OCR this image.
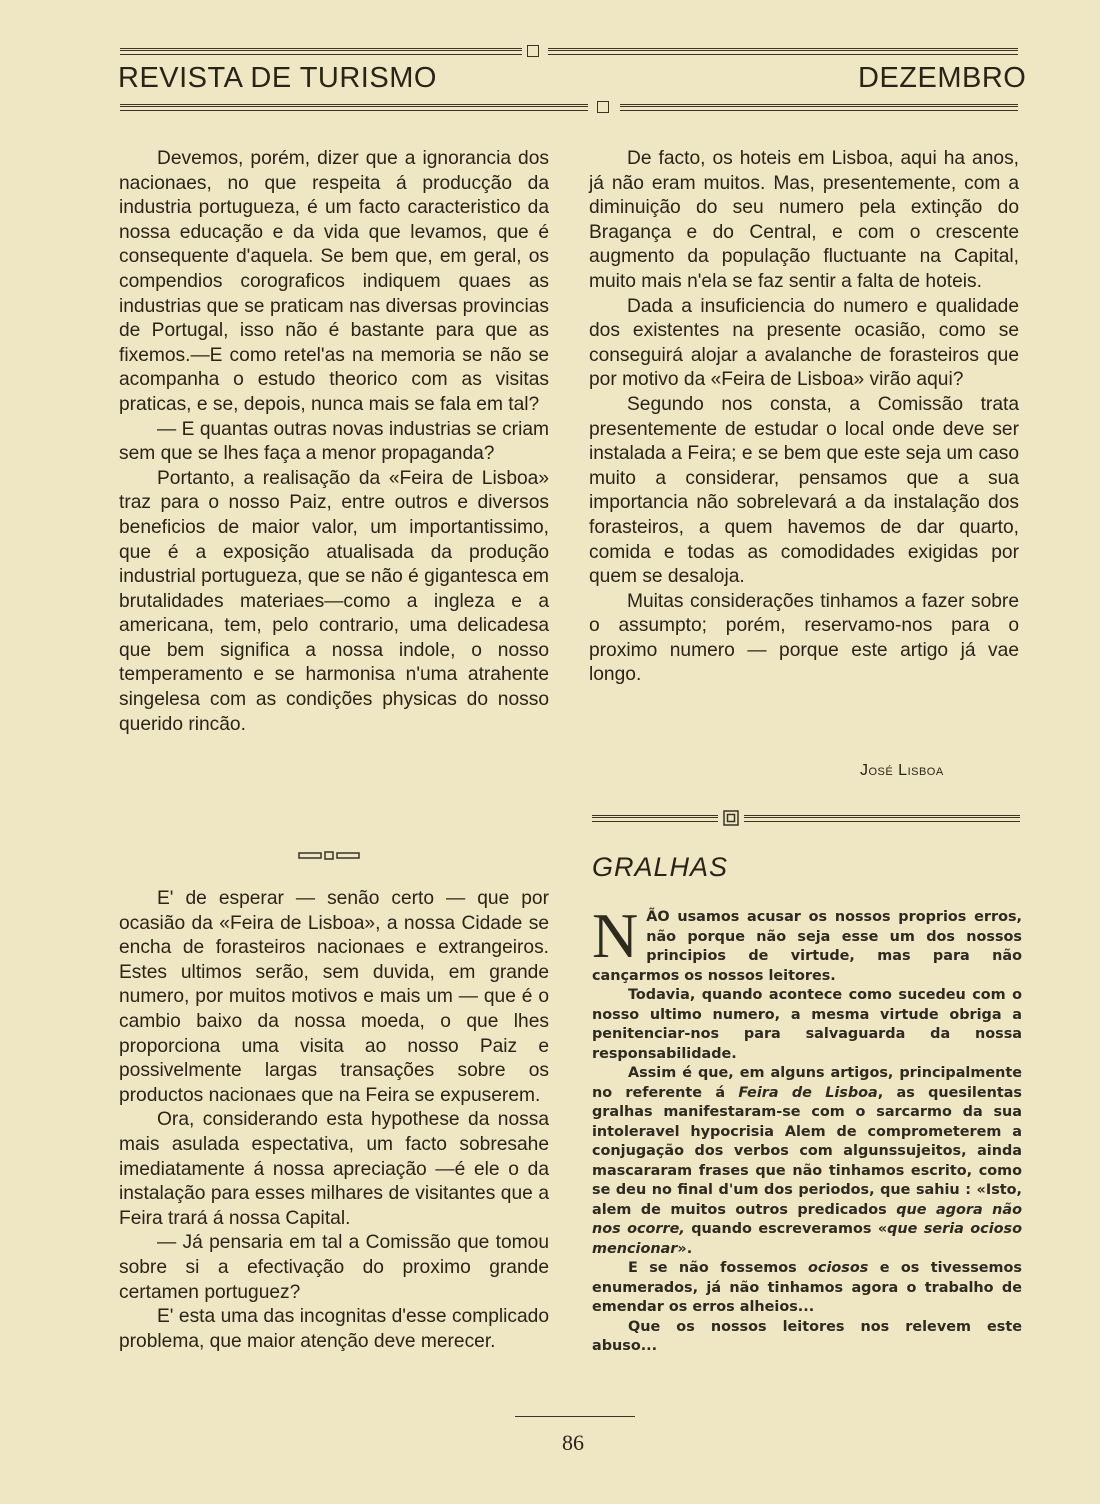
REVISTA DE TURISMO	DEZEMBRO

Devemos, porém, dizer que a ignorancia dos nacionaes, no que respeita á producção da industria portugueza, é um facto caracteristico da nossa educação e da vida que levamos, que é consequente d'aquela. Se bem que, em geral, os compendios corograficos indiquem quaes as industrias que se praticam nas diversas provincias de Portugal, isso não é bastante para que as fixemos.—E como retel'as na memoria se não se acompanha o estudo theorico com as visitas praticas, e se, depois, nunca mais se fala em tal?

— E quantas outras novas industrias se criam sem que se lhes faça a menor propaganda?

Portanto, a realisação da «Feira de Lisboa» traz para o nosso Paiz, entre outros e diversos beneficios de maior valor, um importantissimo, que é a exposição atualisada da produção industrial portugueza, que se não é gigantesca em brutalidades materiaes—como a ingleza e a americana, tem, pelo contrario, uma delicadesa que bem significa a nossa indole, o nosso temperamento e se harmonisa n'uma atrahente singelesa com as condições physicas do nosso querido rincão.

E' de esperar — senão certo — que por ocasião da «Feira de Lisboa», a nossa Cidade se encha de forasteiros nacionaes e extrangeiros. Estes ultimos serão, sem duvida, em grande numero, por muitos motivos e mais um — que é o cambio baixo da nossa moeda, o que lhes proporciona uma visita ao nosso Paiz e possivelmente largas transações sobre os productos nacionaes que na Feira se expuserem.

Ora, considerando esta hypothese da nossa mais asulada espectativa, um facto sobresahe imediatamente á nossa apreciação —é ele o da instalação para esses milhares de visitantes que a Feira trará á nossa Capital.

— Já pensaria em tal a Comissão que tomou sobre si a efectivação do proximo grande certamen portuguez?

E' esta uma das incognitas d'esse complicado problema, que maior atenção deve merecer.

De facto, os hoteis em Lisboa, aqui ha anos, já não eram muitos. Mas, presentemente, com a diminuição do seu numero pela extinção do Bragança e do Central, e com o crescente augmento da população fluctuante na Capital, muito mais n'ela se faz sentir a falta de hoteis.

Dada a insuficiencia do numero e qualidade dos existentes na presente ocasião, como se conseguirá alojar a avalanche de forasteiros que por motivo da «Feira de Lisboa» virão aqui?

Segundo nos consta, a Comissão trata presentemente de estudar o local onde deve ser instalada a Feira; e se bem que este seja um caso muito a considerar, pensamos que a sua importancia não sobrelevará a da instalação dos forasteiros, a quem havemos de dar quarto, comida e todas as comodidades exigidas por quem se desaloja.

Muitas considerações tinhamos a fazer sobre o assumpto; porém, reservamo-nos para o proximo numero — porque este artigo já vae longo.

José Lisboa
GRALHAS

NÃO usamos acusar os nossos proprios erros, não porque não seja esse um dos nossos principios de virtude, mas para não cançarmos os nossos leitores.

Todavia, quando acontece como sucedeu com o nosso ultimo numero, a mesma virtude obriga a penitenciar-nos para salvaguarda da nossa responsabilidade.

Assim é que, em alguns artigos, principalmente no referente á Feira de Lisboa, as quesilentas gralhas manifestaram-se com o sarcarmo da sua intoleravel hypocrisia Alem de comprometerem a conjugação dos verbos com algunssujeitos, ainda mascararam frases que não tinhamos escrito, como se deu no final d'um dos periodos, que sahiu : «Isto, alem de muitos outros predicados que agora não nos ocorre, quando escreveramos «que seria ocioso mencionar».

E se não fossemos ociosos e os tivessemos enumerados, já não tinhamos agora o trabalho de emendar os erros alheios...

Que os nossos leitores nos relevem este abuso...

86
